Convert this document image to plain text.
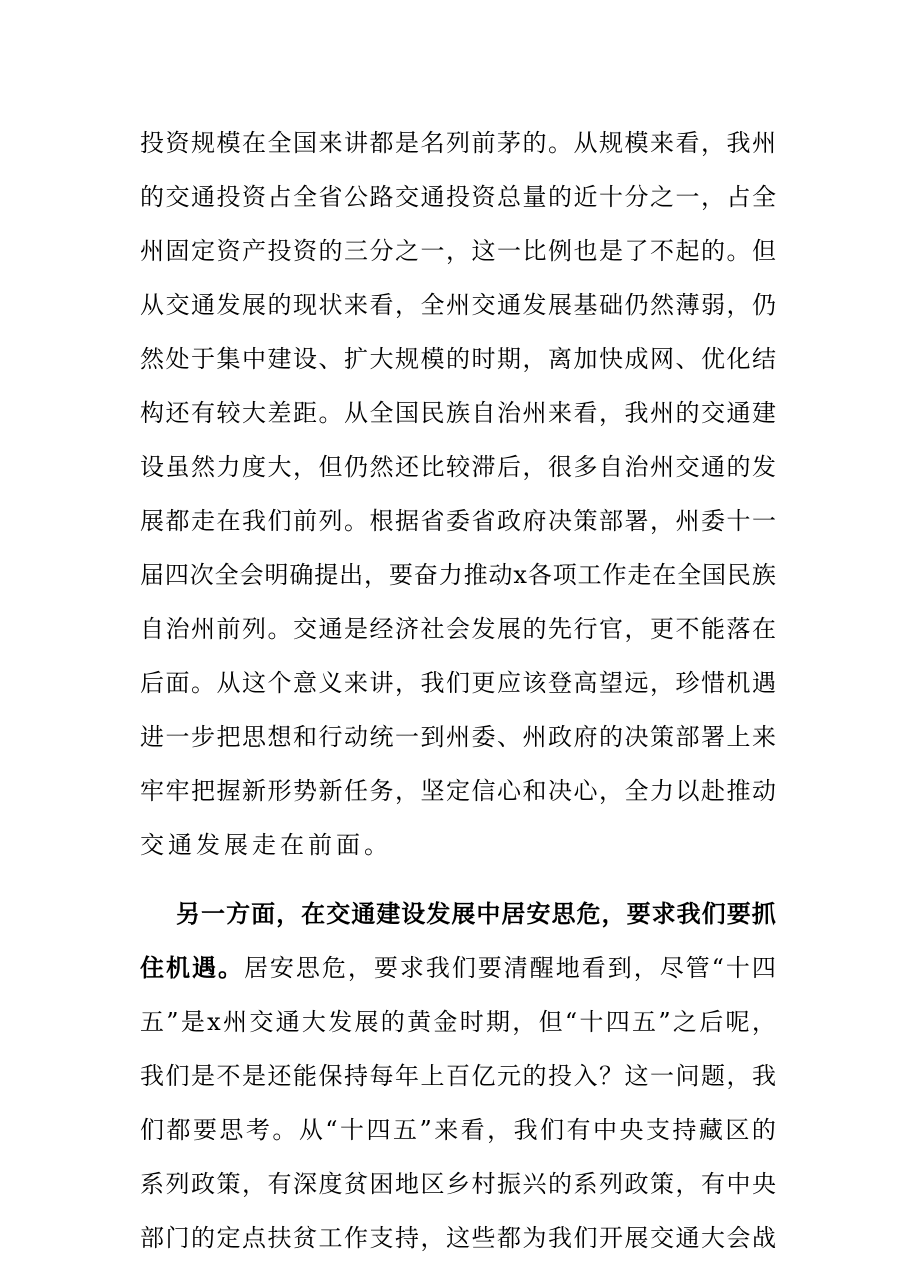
投 资 规 模 在 全 国 来 讲 都 是 名 列 前 茅 的 。 从 规 模 来 看 ， 我 州
的 交 通 投 资 占 全 省 公 路 交 通 投 资 总 量 的 近 十 分 之 一 ， 占 全
州 固 定 资 产 投 资 的 三 分 之 一 ， 这 一 比 例 也 是 了 不 起 的 。 但
从 交 通 发 展 的 现 状 来 看 ， 全 州 交 通 发 展 基 础 仍 然 薄 弱 ， 仍
然 处 于 集 中 建 设 、 扩 大 规 模 的 时 期 ， 离 加 快 成 网 、 优 化 结
构 还 有 较 大 差 距 。 从 全 国 民 族 自 治 州 来 看 ， 我 州 的 交 通 建
设 虽 然 力 度 大 ， 但 仍 然 还 比 较 滞 后 ， 很 多 自 治 州 交 通 的 发
展 都 走 在 我 们 前 列 。 根 据 省 委 省 政 府 决 策 部 署 ， 州 委 十 一
届 四 次 全 会 明 确 提 出 ， 要 奋 力 推 动 x 各 项 工 作 走 在 全 国 民 族
自 治 州 前 列 。 交 通 是 经 济 社 会 发 展 的 先 行 官 ， 更 不 能 落 在
后 面 。 从 这 个 意 义 来 讲 ， 我 们 更 应 该 登 高 望 远 ， 珍 惜 机 遇
进 一 步 把 思 想 和 行 动 统 一 到 州 委 、 州 政 府 的 决 策 部 署 上 来
牢 牢 把 握 新 形 势 新 任 务 ， 坚 定 信 心 和 决 心 ， 全 力 以 赴 推 动
交通发展走在前面。
另 一 方 面 ， 在 交 通 建 设 发 展 中 居 安 思 危 ， 要 求 我 们 要 抓
住 机 遇 。 居 安 思 危 ， 要 求 我 们 要 清 醒 地 看 到 ， 尽 管 “ 十 四
五 ” 是 x 州 交 通 大 发 展 的 黄 金 时 期 ， 但 “ 十 四 五 ” 之 后 呢 ，
我 们 是 不 是 还 能 保 持 每 年 上 百 亿 元 的 投 入 ？ 这 一 问 题 ， 我
们 都 要 思 考 。 从 “ 十 四 五 ” 来 看 ， 我 们 有 中 央 支 持 藏 区 的
系 列 政 策 ， 有 深 度 贫 困 地 区 乡 村 振 兴 的 系 列 政 策 ， 有 中 央
部 门 的 定 点 扶 贫 工 作 支 持 ， 这 些 都 为 我 们 开 展 交 通 大 会 战
